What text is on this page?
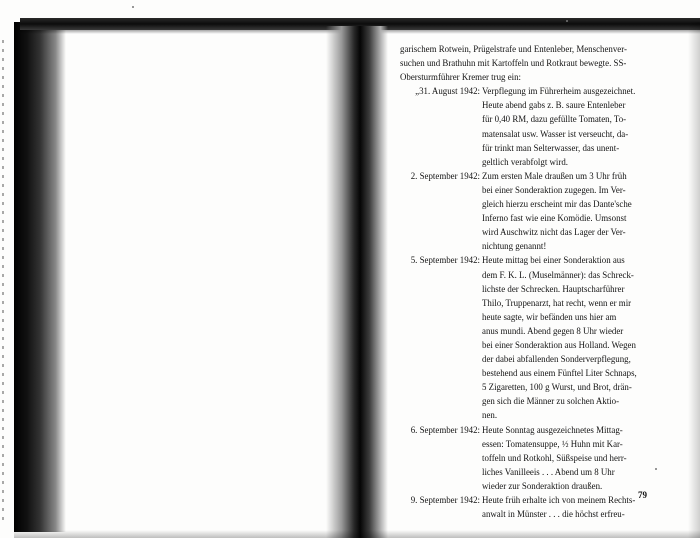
garischem Rotwein, Prügelstrafe und Entenleber, Menschenver-
suchen und Brathuhn mit Kartoffeln und Rotkraut bewegte. SS-
Obersturmführer Kremer trug ein:

„31. August 1942: Verpflegung im Führerheim ausgezeichnet.
Heute abend gabs z. B. saure Entenleber
für 0,40 RM, dazu gefüllte Tomaten, To-
matensalat usw. Wasser ist verseucht, da-
für trinkt man Selterwasser, das unent-
geltlich verabfolgt wird.
2. September 1942: Zum ersten Male draußen um 3 Uhr früh
bei einer Sonderaktion zugegen. Im Ver-
gleich hierzu erscheint mir das Dante'sche
Inferno fast wie eine Komödie. Umsonst
wird Auschwitz nicht das Lager der Ver-
nichtung genannt!
5. September 1942: Heute mittag bei einer Sonderaktion aus
dem F. K. L. (Muselmänner): das Schreck-
lichste der Schrecken. Hauptscharführer
Thilo, Truppenarzt, hat recht, wenn er mir
heute sagte, wir befänden uns hier am
anus mundi. Abend gegen 8 Uhr wieder
bei einer Sonderaktion aus Holland. Wegen
der dabei abfallenden Sonderverpflegung,
bestehend aus einem Fünftel Liter Schnaps,
5 Zigaretten, 100 g Wurst, und Brot, drän-
gen sich die Männer zu solchen Aktio-
nen.
6. September 1942: Heute Sonntag ausgezeichnetes Mittag-
essen: Tomatensuppe, ½ Huhn mit Kar-
toffeln und Rotkohl, Süßspeise und herr-
liches Vanilleeis . . . Abend um 8 Uhr
wieder zur Sonderaktion draußen.
9. September 1942: Heute früh erhalte ich von meinem Rechts-
anwalt in Münster . . . die höchst erfreu-
79
